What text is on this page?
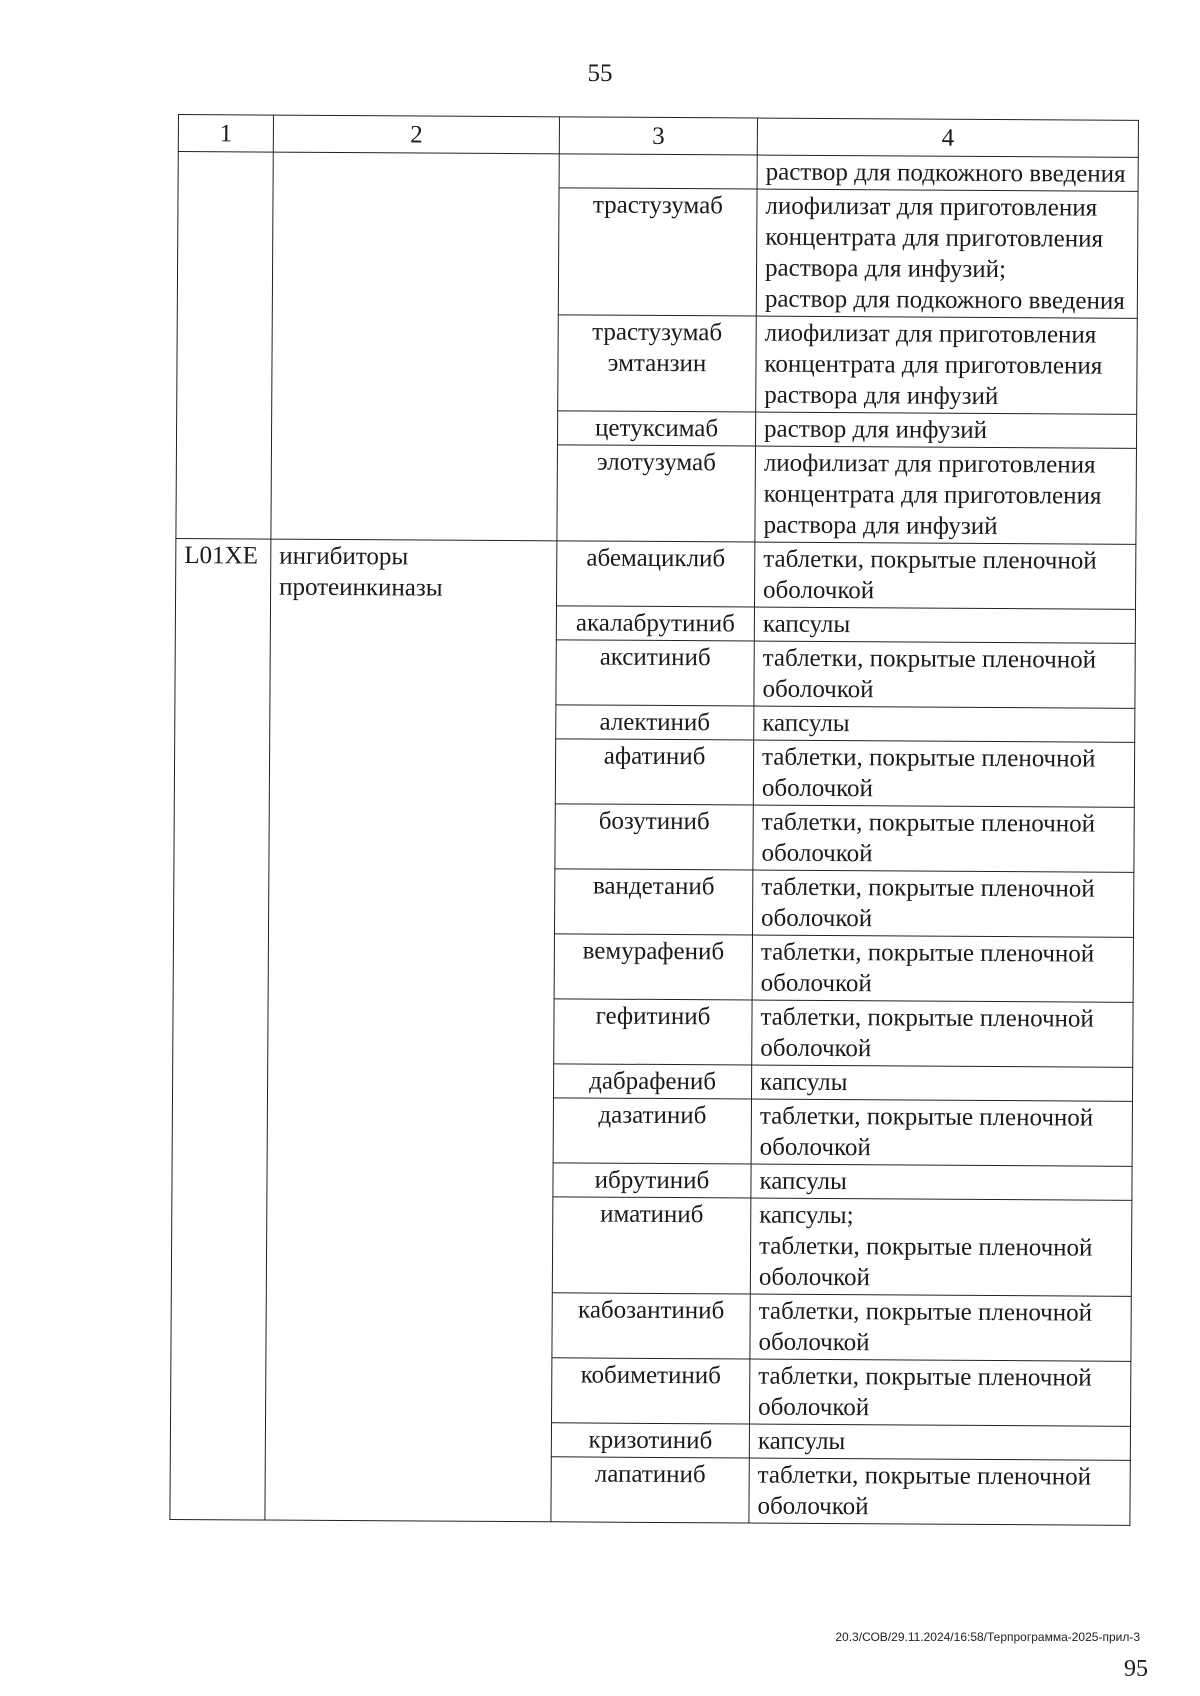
55
1	2	3	4
			раствор для подкожного введения
		трастузумаб	лиофилизат для приготовления концентрата для приготовления раствора для инфузий;
раствор для подкожного введения
		трастузумаб эмтанзин	лиофилизат для приготовления концентрата для приготовления раствора для инфузий
		цетуксимаб	раствор для инфузий
		элотузумаб	лиофилизат для приготовления концентрата для приготовления раствора для инфузий
L01XE	ингибиторы протеинкиназы	абемациклиб	таблетки, покрытые пленочной оболочкой
		акалабрутиниб	капсулы
		акситиниб	таблетки, покрытые пленочной оболочкой
		алектиниб	капсулы
		афатиниб	таблетки, покрытые пленочной оболочкой
		бозутиниб	таблетки, покрытые пленочной оболочкой
		вандетаниб	таблетки, покрытые пленочной оболочкой
		вемурафениб	таблетки, покрытые пленочной оболочкой
		гефитиниб	таблетки, покрытые пленочной оболочкой
		дабрафениб	капсулы
		дазатиниб	таблетки, покрытые пленочной оболочкой
		ибрутиниб	капсулы
		иматиниб	капсулы;
таблетки, покрытые пленочной оболочкой
		кабозантиниб	таблетки, покрытые пленочной оболочкой
		кобиметиниб	таблетки, покрытые пленочной оболочкой
		кризотиниб	капсулы
		лапатиниб	таблетки, покрытые пленочной оболочкой
20.3/СОВ/29.11.2024/16:58/Терпрограмма-2025-прил-3
95
